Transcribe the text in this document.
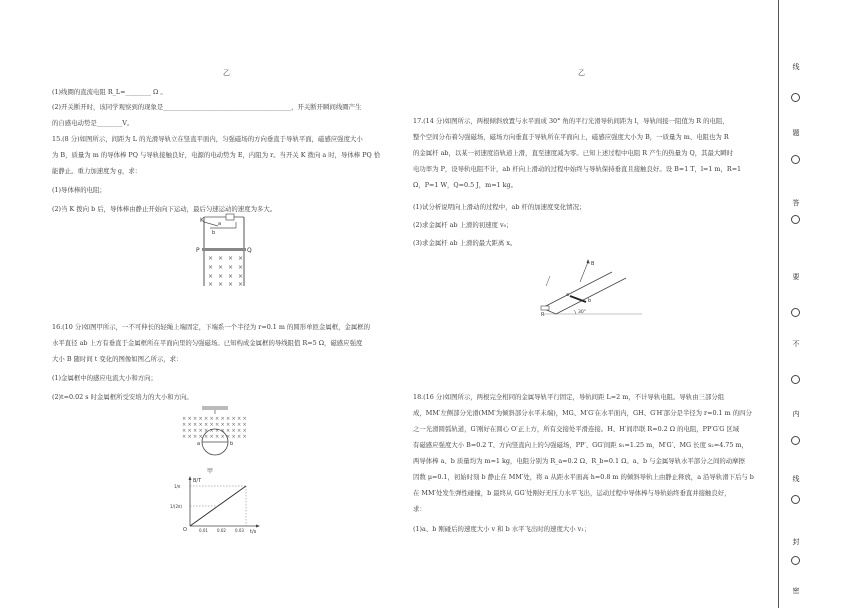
乙
(1)线圈的直流电阻 R_L=________ Ω 。
(2)开关断开时，该同学观察到的现象是________________________________________，开关断开瞬间线圈产生
的自感电动势是________V。
15.(8 分)如图所示，间距为 L 的光滑导轨立在竖直平面内，匀强磁场的方向垂直于导轨平面，磁感应强度大小
为 B，质量为 m 的导体棒 PQ 与导轨接触良好，电源的电动势为 E，内阻为 r。当开关 K 拨向 a 时，导体棒 PQ 恰
能静止。重力加速度为 g，求：
(1)导体棒的电阻；
(2)当 K 拨向 b 后，导体棒由静止开始向下运动，最后匀速运动的速度为多大。
K	a
b
P	Q
× × × ×
× × × ×
× × × ×
× × × ×
16.(10 分)如图甲所示，一不可伸长的轻绳上端固定，下端系一个半径为 r=0.1 m 的圆形单匝金属框，金属框的
水平直径 ab 上方有垂直于金属框所在平面向里的匀强磁场。已知构成金属框的导线阻值 R=5 Ω，磁感应强度
大小 B 随时间 t 变化的图像如图乙所示，求：
(1)金属框中的感应电流大小和方向；
(2)t=0.02 s 时金属框所受安培力的大小和方向。
× × × × × × × × × × × ×
× × × × × × × × × × × ×
× × × × × × × × × × × ×
× × × × × × × × × × × ×
a	b
甲
B/T
t/s
O
1/π
1/(2π)
0.01 0.02 0.03
乙
17.(14 分)如图所示，两根倾斜放置与水平面成 30° 角的平行光滑导轨间距为 l，导轨间接一阻值为 R 的电阻，
整个空间分布着匀强磁场，磁场方向垂直于导轨所在平面向上，磁感应强度大小为 B，一质量为 m、电阻也为 R
的金属杆 ab，以某一初速度沿轨道上滑，直至速度减为零。已知上述过程中电阻 R 产生的热量为 Q，其最大瞬时
电功率为 P，设导轨电阻不计，ab 杆向上滑动的过程中始终与导轨保持垂直且接触良好。设 B=1 T，l=1 m，R=1
Ω，P=1 W，Q=0.5 J，m=1 kg。
(1)试分析说明向上滑动的过程中，ab 杆的加速度变化情况；
(2)求金属杆 ab 上滑的初速度 v₀；
(3)求金属杆 ab 上滑的最大距离 x。
B
a
b
R	30°
18.(16 分)如图所示，两根完全相同的金属导轨平行固定，导轨间距 L=2 m，不计导轨电阻。导轨由三部分组
成，MM′左侧部分光滑(MM′为倾斜部分水平末端)，MG、M′G′在水平面内，GH、G′H′部分是半径为 r=0.1 m 的四分
之一光滑圆弧轨道，G′刚好在圆心 O′正上方，所有交接处平滑连接。H、H′间串联 R=0.2 Ω 的电阻，PP′G′G 区域
有磁感应强度大小 B=0.2 T、方向竖直向上的匀强磁场，PP′、GG′间距 s₁=1.25 m，M′G′、MG 长度 s₂=4.75 m，
两导体棒 a、b 质量均为 m=1 kg，电阻分别为 R_a=0.2 Ω、R_b=0.1 Ω。a、b 与金属导轨水平部分之间的动摩擦
因数 μ=0.1，初始时刻 b 静止在 MM′处，将 a 从距水平面高 h=0.8 m 的倾斜导轨上由静止释放，a 沿导轨滑下后与 b
在 MM′处发生弹性碰撞，b 最终从 GG′处刚好无压力水平飞出，运动过程中导体棒与导轨始终垂直并接触良好，
求：
(1)a、b 刚碰后的速度大小 v 和 b 水平飞出时的速度大小 v₁；
线
题
答
要
不
内
线
封
密
